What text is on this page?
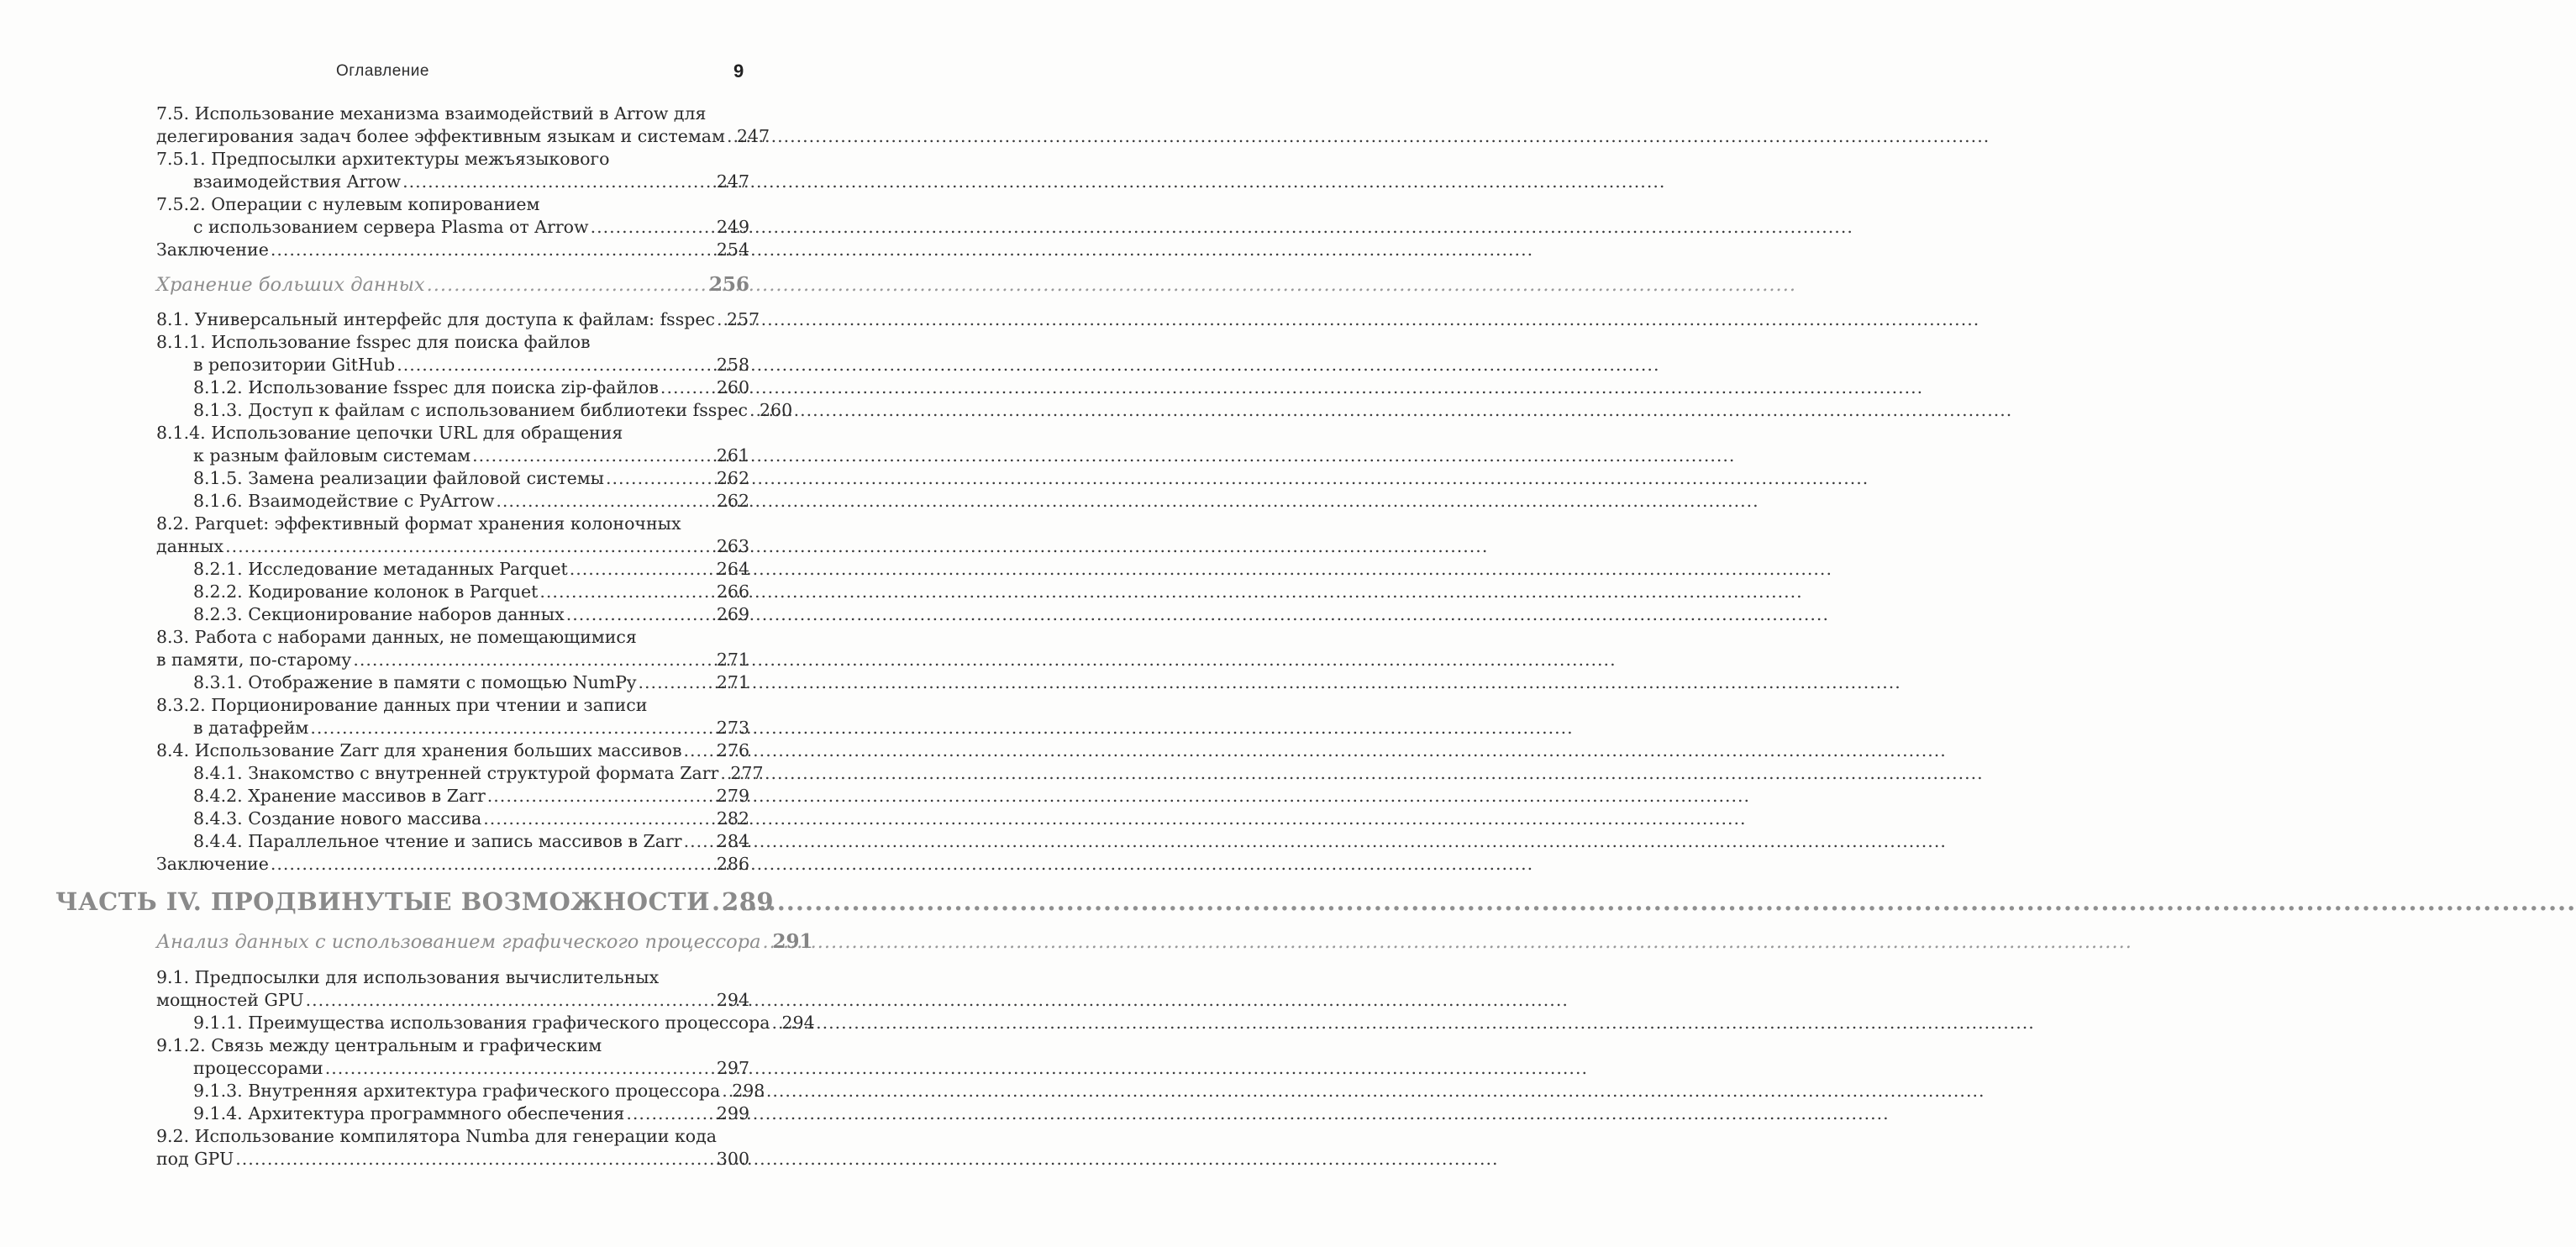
Оглавление	9
7.5. Использование механизма взаимодействий в Arrow для
делегирования задач более эффективным языкам и системам ..... 247
7.5.1. Предпосылки архитектуры межъязыкового
взаимодействия Arrow .....	247
7.5.2. Операции с нулевым копированием
с использованием сервера Plasma от Arrow .....	249
Заключение .....	254
Хранение больших данных .....	256
8.1. Универсальный интерфейс для доступа к файлам: fsspec ..... 257
8.1.1. Использование fsspec для поиска файлов
в репозитории GitHub .....	258
8.1.2. Использование fsspec для поиска zip-файлов .....	260
8.1.3. Доступ к файлам с использованием библиотеки fsspec ..... 260
8.1.4. Использование цепочки URL для обращения
к разным файловым системам .....	261
8.1.5. Замена реализации файловой системы .....	262
8.1.6. Взаимодействие с PyArrow .....	262
8.2. Parquet: эффективный формат хранения колоночных
данных .....	263
8.2.1. Исследование метаданных Parquet .....	264
8.2.2. Кодирование колонок в Parquet .....	266
8.2.3. Секционирование наборов данных .....	269
8.3. Работа с наборами данных, не помещающимися
в памяти, по-старому .....	271
8.3.1. Отображение в памяти с помощью NumPy .....	271
8.3.2. Порционирование данных при чтении и записи
в датафрейм .....	273
8.4. Использование Zarr для хранения больших массивов ..... 276
8.4.1. Знакомство с внутренней структурой формата Zarr ..... 277
8.4.2. Хранение массивов в Zarr .....	279
8.4.3. Создание нового массива .....	282
8.4.4. Параллельное чтение и запись массивов в Zarr ..... 284
Заключение .....	286
ЧАСТЬ IV. ПРОДВИНУТЫЕ ВОЗМОЖНОСТИ ..... 289
Анализ данных с использованием графического процессора ..... 291
9.1. Предпосылки для использования вычислительных
мощностей GPU .....	294
9.1.1. Преимущества использования графического процессора ..... 294
9.1.2. Связь между центральным и графическим
процессорами .....	297
9.1.3. Внутренняя архитектура графического процессора ..... 298
9.1.4. Архитектура программного обеспечения .....	299
9.2. Использование компилятора Numba для генерации кода
под GPU .....	300
